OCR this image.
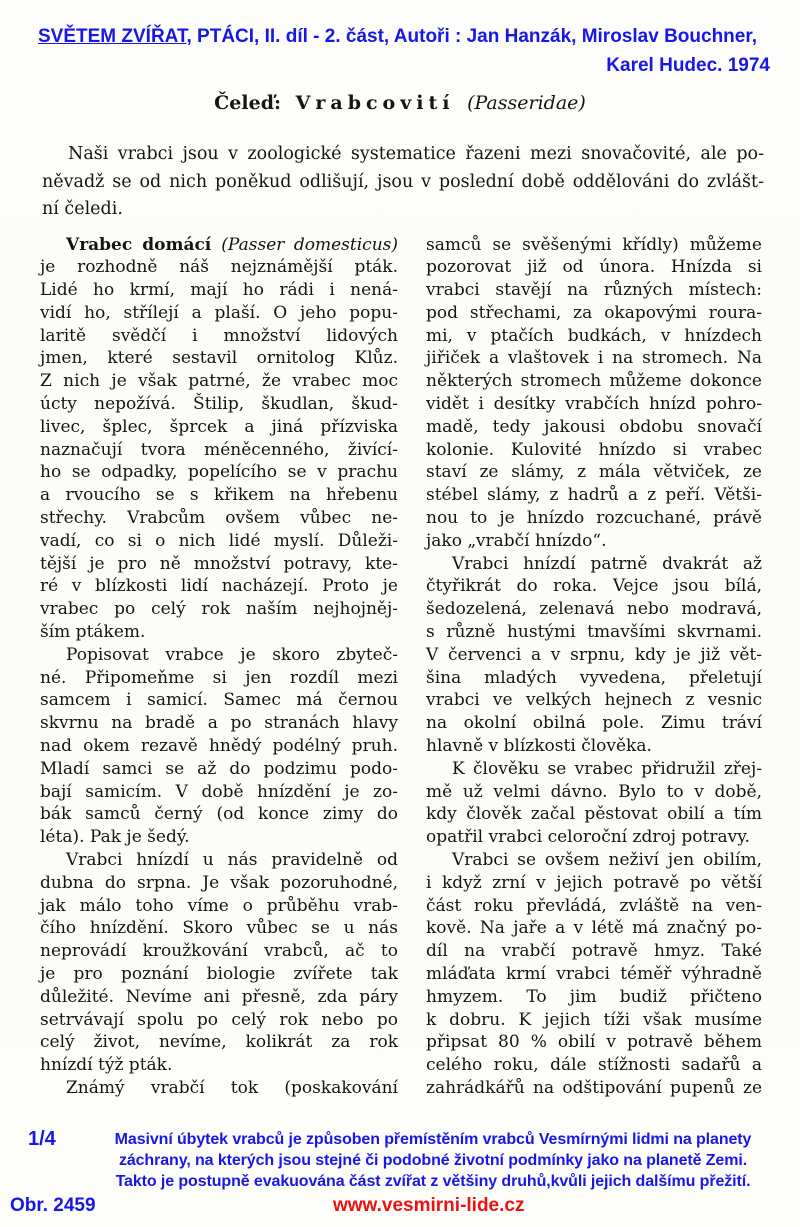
SVĚTEM ZVÍŘAT, PTÁCI, II. díl - 2. část, Autoři : Jan Hanzák, Miroslav Bouchner,
Karel Hudec. 1974
Čeleď: Vrabcovití (Passeridae)
Naši vrabci jsou v zoologické systematice řazeni mezi snovačovité, ale po-
něvadž se od nich poněkud odlišují, jsou v poslední době oddělováni do zvlášt-
ní čeledi.
Vrabec domácí (Passer domesticus)
je rozhodně náš nejznámější pták.
Lidé ho krmí, mají ho rádi i nená-
vidí ho, střílejí a plaší. O jeho popu-
laritě svědčí i množství lidových
jmen, které sestavil ornitolog Klůz.
Z nich je však patrné, že vrabec moc
úcty nepožívá. Štilip, škudlan, škud-
livec, šplec, šprcek a jiná přízviska
naznačují tvora méněcenného, živící-
ho se odpadky, popelícího se v prachu
a rvoucího se s křikem na hřebenu
střechy. Vrabcům ovšem vůbec ne-
vadí, co si o nich lidé myslí. Důleži-
tější je pro ně množství potravy, kte-
ré v blízkosti lidí nacházejí. Proto je
vrabec po celý rok naším nejhojněj-
ším ptákem.
Popisovat vrabce je skoro zbyteč-
né. Připomeňme si jen rozdíl mezi
samcem i samicí. Samec má černou
skvrnu na bradě a po stranách hlavy
nad okem rezavě hnědý podélný pruh.
Mladí samci se až do podzimu podo-
bají samicím. V době hnízdění je zo-
bák samců černý (od konce zimy do
léta). Pak je šedý.
Vrabci hnízdí u nás pravidelně od
dubna do srpna. Je však pozoruhodné,
jak málo toho víme o průběhu vrab-
čího hnízdění. Skoro vůbec se u nás
neprovádí kroužkování vrabců, ač to
je pro poznání biologie zvířete tak
důležité. Nevíme ani přesně, zda páry
setrvávají spolu po celý rok nebo po
celý život, nevíme, kolikrát za rok
hnízdí týž pták.
Známý vrabčí tok (poskakování
samců se svěšenými křídly) můžeme
pozorovat již od února. Hnízda si
vrabci stavějí na různých místech:
pod střechami, za okapovými roura-
mi, v ptačích budkách, v hnízdech
jiřiček a vlaštovek i na stromech. Na
některých stromech můžeme dokonce
vidět i desítky vrabčích hnízd pohro-
madě, tedy jakousi obdobu snovačí
kolonie. Kulovité hnízdo si vrabec
staví ze slámy, z mála větviček, ze
stébel slámy, z hadrů a z peří. Větši-
nou to je hnízdo rozcuchané, právě
jako „vrabčí hnízdo“.
Vrabci hnízdí patrně dvakrát až
čtyřikrát do roka. Vejce jsou bílá,
šedozelená, zelenavá nebo modravá,
s různě hustými tmavšími skvrnami.
V červenci a v srpnu, kdy je již vět-
šina mladých vyvedena, přeletují
vrabci ve velkých hejnech z vesnic
na okolní obilná pole. Zimu tráví
hlavně v blízkosti člověka.
K člověku se vrabec přidružil zřej-
mě už velmi dávno. Bylo to v době,
kdy člověk začal pěstovat obilí a tím
opatřil vrabci celoroční zdroj potravy.
Vrabci se ovšem neživí jen obilím,
i když zrní v jejich potravě po větší
část roku převládá, zvláště na ven-
kově. Na jaře a v létě má značný po-
díl na vrabčí potravě hmyz. Také
mláďata krmí vrabci téměř výhradně
hmyzem. To jim budiž přičteno
k dobru. K jejich tíži však musíme
připsat 80 % obilí v potravě během
celého roku, dále stížnosti sadařů a
zahrádkářů na odštipování pupenů ze
1/4	Masivní úbytek vrabců je způsoben přemístěním vrabců Vesmírnými lidmi na planety
záchrany, na kterých jsou stejné či podobné životní podmínky jako na planetě Zemi.
Takto je postupně evakuována část zvířat z většiny druhů,kvůli jejich dalšímu přežití.
Obr. 2459	www.vesmirni-lide.cz
